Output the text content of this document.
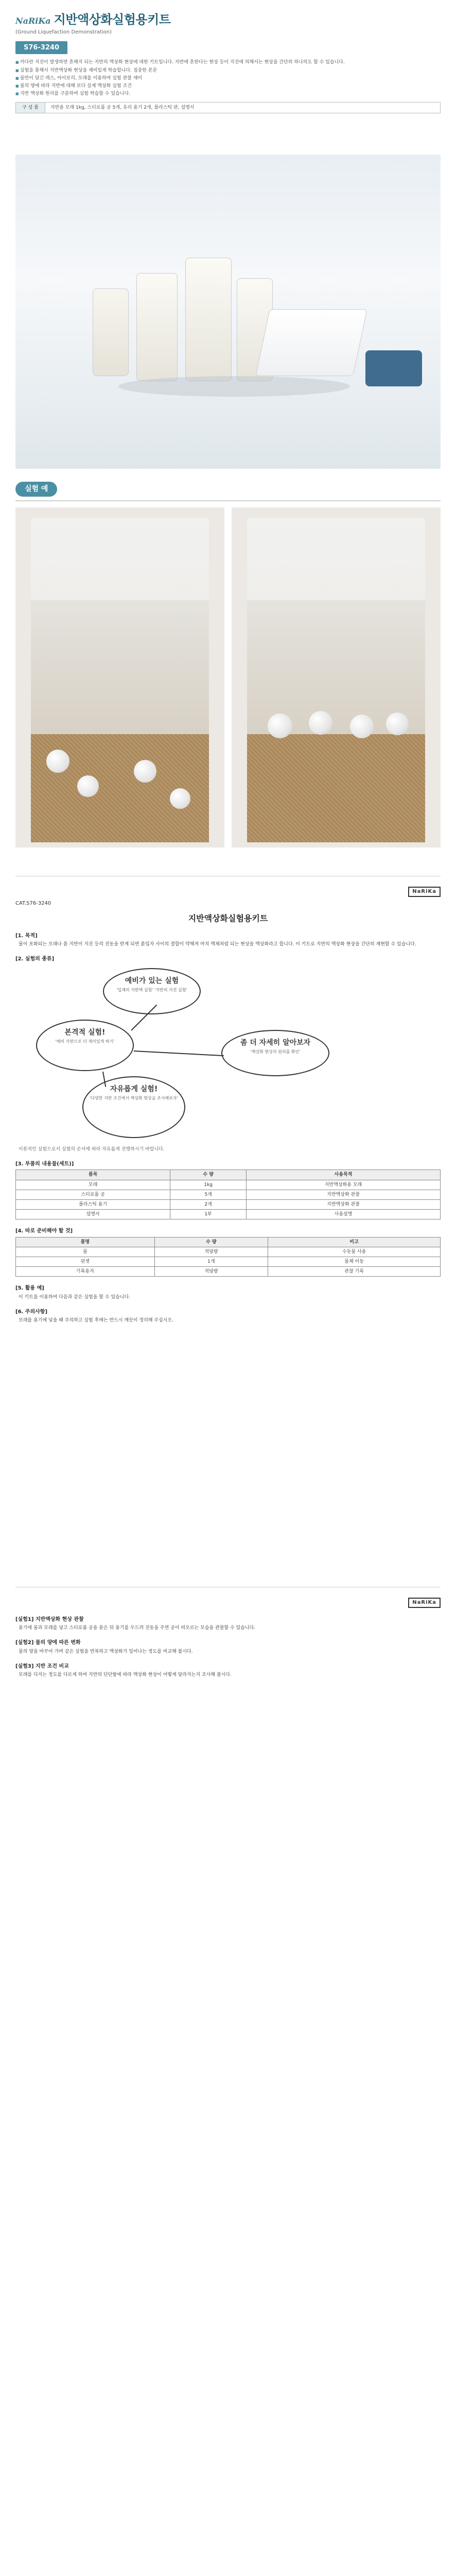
NaRiKa 지반액상화실험용키트
(Ground Liquefaction Demonstration)
S76-3240
■ 커다란 지진이 발생하면 흔해지 되는 지반의 액상화 현상에 대한 키트입니다. 지반에 흔한다는 현상 등이 지진에 의해서는 현상을 간단히 하나의도 할 수 있습니다.
■ 실험을 통해서 지반액상화 현상을 재미있게 학습합니다. 집중한 본문
■ 물만이 담긴 레스, 아이보리, 모래를 이용하여 실험 관찰 재미
■ 물의 양에 따라 지반에 대해 보다 실제 액상화 실험 조건
■ 지반 액상화 원리를 구분하여 실험 학습할 수 있습니다.
구 성 품	지반용 모래 1kg, 스티로폼 공 5개, 유리 용기 2개, 플라스틱 판, 설명서
실험 예
NaRiKa
CAT.S76-3240
지반액상화실험용키트
[1. 목적]
물이 포화되는 모래나 흙 지반이 지진 등의 진동을 받게 되면 흙입자 사이의 결합이 약해져 마치 액체처럼 되는 현상을 액상화라고 합니다. 이 키트로 지반의 액상화 현상을 간단히 재현할 수 있습니다.
[2. 실험의 종류]
예비가 있는 실험
'입체의 지반액 실험' '지반의 지진 실험'
본격적 실험!
'예비 지반으로 더 재미있게 하기'	좀 더 자세히 알아보자
'액상화 현상의 원리를 확인'
자유롭게 실험!
'다양한 지반 조건에서 액상화 현상을 조사해보자'
이론적인 실험으로서 실험의 순서에 따라 자유롭게 진행하시기 바랍니다.
[3. 부품의 내용물(세트)]
품목	수 량	사용목적
모래	1kg	지반액상화용 모래
스티로폼 공	5개	지반액상화 관찰
플라스틱 용기	2개	지반액상화 관찰
설명서	1부	사용설명
[4. 따로 준비해야 할 것]
품명	수 량	비고
물	적당량	수돗물 사용
핀셋	1개	물체 이동
기록용지	적당량	관찰 기록
[5. 활용 예]
이 키트를 이용하여 다음과 같은 실험을 할 수 있습니다.
[6. 주의사항]
모래를 용기에 넣을 때 주의하고 실험 후에는 반드시 깨끗이 정리해 주십시오.
NaRiKa
[실험1] 지반액상화 현상 관찰
용기에 물과 모래를 넣고 스티로폼 공을 묻은 뒤 용기를 두드려 진동을 주면 공이 떠오르는 모습을 관찰할 수 있습니다.
[실험2] 물의 양에 따른 변화
물의 양을 바꾸어 가며 같은 실험을 반복하고 액상화가 일어나는 정도를 비교해 봅시다.
[실험3] 지반 조건 비교
모래를 다지는 정도를 다르게 하여 지반의 단단함에 따라 액상화 현상이 어떻게 달라지는지 조사해 봅시다.
